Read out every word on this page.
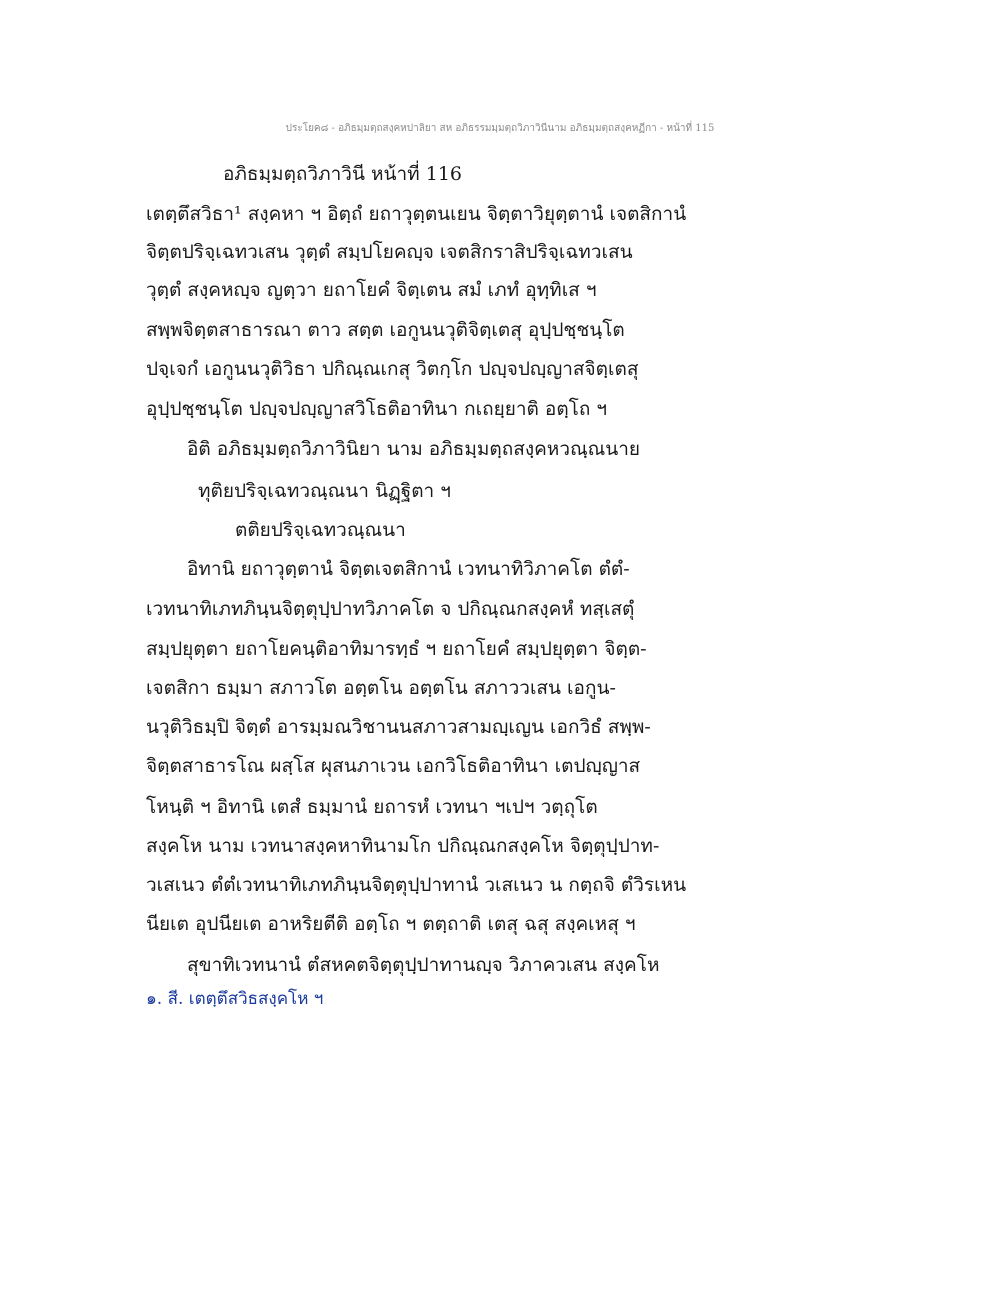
ประโยค๘ - อภิธมฺมตฺถสงฺคหปาลิยา สห อภิธรรมมฺมตฺถวิภาวินีนาม อภิธมฺมตฺถสงฺคหฏีกา - หน้าที่ 115
อภิธมฺมตฺถวิภาวินี หน้าที่ 116
เตตฺตึสวิธา¹ สงฺคหา ฯ อิตฺถํ ยถาวุตฺตนเยน จิตฺตาวิยุตฺตานํ เจตสิกานํ
จิตฺตปริจฺเฉทวเสน วุตฺตํ สมฺปโยคญฺจ เจตสิกราสิปริจฺเฉทวเสน
วุตฺตํ สงฺคหญฺจ ญตฺวา ยถาโยคํ จิตฺเตน สมํ เภทํ อุทฺทิเส ฯ
สพฺพจิตฺตสาธารณา ตาว สตฺต เอกูนนวุติจิตฺเตสุ อุปฺปชฺชนฺโต
ปจฺเจกํ เอกูนนวุติวิธา ปกิณฺณเกสุ วิตกฺโก ปญฺจปญฺญาสจิตฺเตสุ
อุปฺปชฺชนฺโต ปญฺจปญฺญาสวิโธติอาทินา กเถยฺยาติ อตฺโถ ฯ
อิติ อภิธมฺมตฺถวิภาวินิยา นาม อภิธมฺมตฺถสงฺคหวณฺณนาย
ทุติยปริจฺเฉทวณฺณนา นิฏฺฐิตา ฯ
ตติยปริจฺเฉทวณฺณนา
อิทานิ ยถาวุตฺตานํ จิตฺตเจตสิกานํ เวทนาทิวิภาคโต ตํตํ-
เวทนาทิเภทภินฺนจิตฺตุปฺปาทวิภาคโต จ ปกิณฺณกสงฺคหํ ทสฺเสตุํ
สมฺปยุตฺตา ยถาโยคนฺติอาทิมารทฺธํ ฯ ยถาโยคํ สมฺปยุตฺตา จิตฺต-
เจตสิกา ธมฺมา สภาวโต อตฺตโน อตฺตโน สภาววเสน เอกูน-
นวุติวิธมฺปิ จิตฺตํ อารมฺมณวิชานนสภาวสามญฺเญน เอกวิธํ สพฺพ-
จิตฺตสาธารโณ ผสฺโส ผุสนภาเวน เอกวิโธติอาทินา เตปญฺญาส
โหนฺติ ฯ อิทานิ เตสํ ธมฺมานํ ยถารหํ เวทนา ฯเปฯ วตฺถุโต
สงฺคโห นาม เวทนาสงฺคหาทินามโก ปกิณฺณกสงฺคโห จิตฺตุปฺปาท-
วเสเนว ตํตํเวทนาทิเภทภินฺนจิตฺตุปฺปาทานํ วเสเนว น กตฺถจิ ตํวิรเหน
นียเต อุปนียเต อาหริยตีติ อตฺโถ ฯ ตตฺถาติ เตสุ ฉสุ สงฺคเหสุ ฯ
สุขาทิเวทนานํ ตํสหคตจิตฺตุปฺปาทานญฺจ วิภาควเสน สงฺคโห
๑. สี. เตตฺตึสวิธสงฺคโห ฯ
